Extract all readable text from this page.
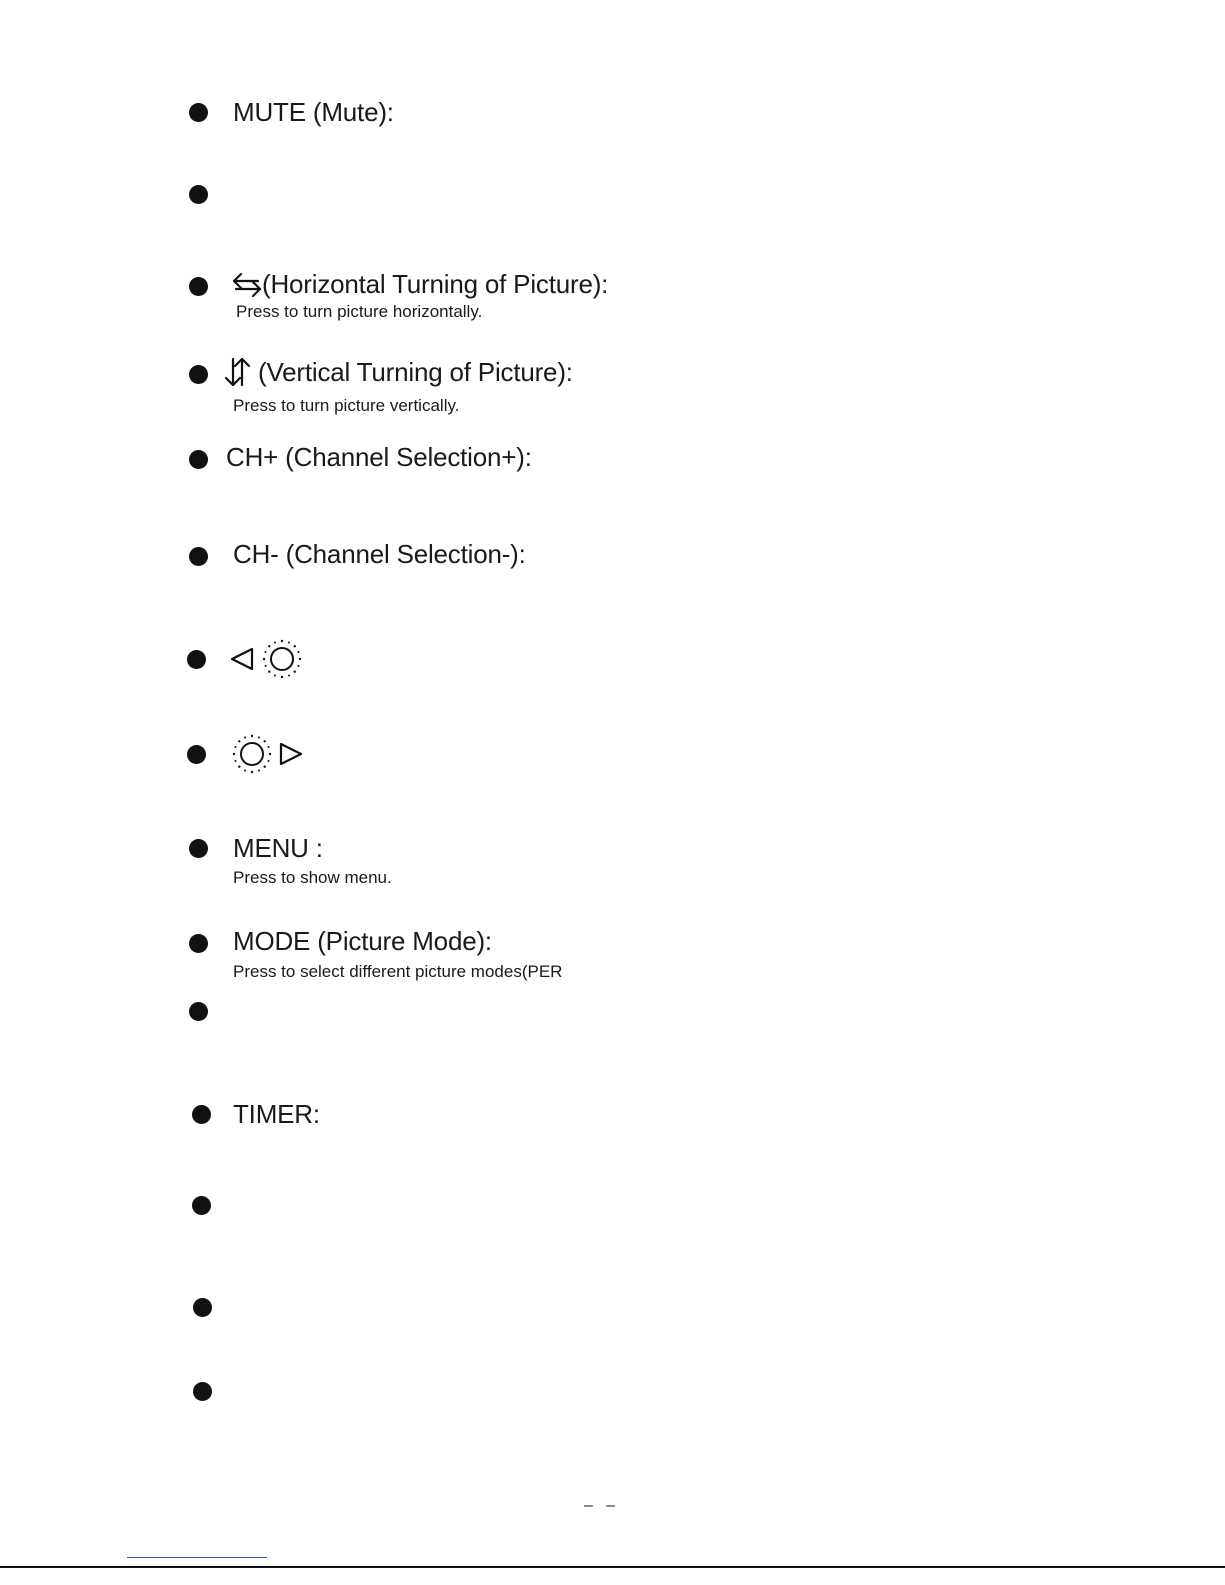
MUTE (Mute):
(Horizontal Turning of Picture):
Press to turn picture horizontally.
(Vertical Turning of Picture):
Press to turn picture vertically.
CH+ (Channel Selection+):
CH- (Channel Selection-):
MENU :
Press to show menu.
MODE (Picture Mode):
Press to select different picture modes(PER
TIMER:
–   –
